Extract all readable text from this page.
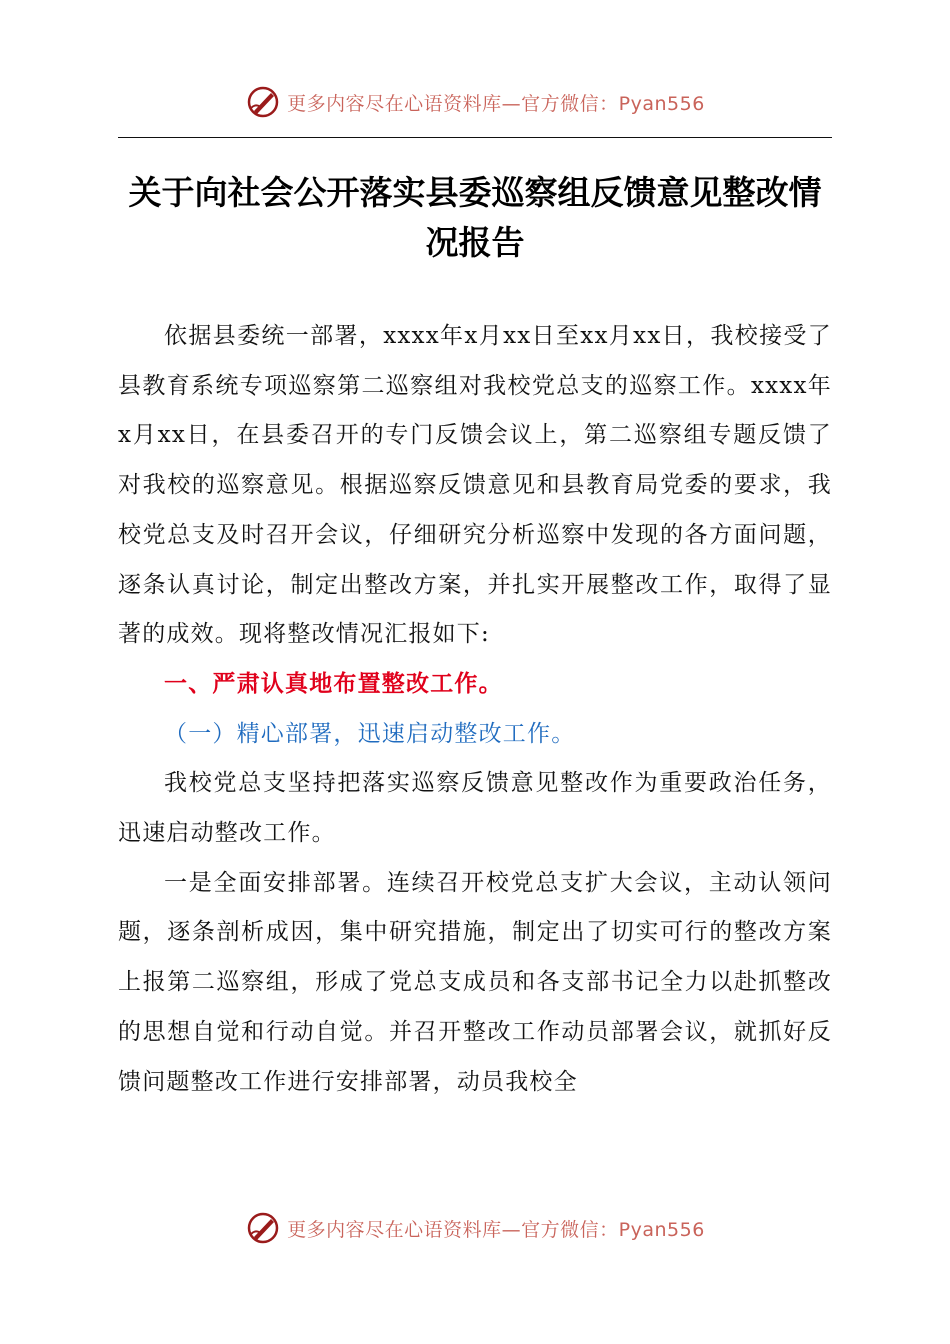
更多内容尽在心语资料库—官方微信：Pyan556
关于向社会公开落实县委巡察组反馈意见整改情况报告

依据县委统一部署，xxxx年x月xx日至xx月xx日，我校接受了县教育系统专项巡察第二巡察组对我校党总支的巡察工作。xxxx年x月xx日，在县委召开的专门反馈会议上，第二巡察组专题反馈了对我校的巡察意见。根据巡察反馈意见和县教育局党委的要求，我校党总支及时召开会议，仔细研究分析巡察中发现的各方面问题，逐条认真讨论，制定出整改方案，并扎实开展整改工作，取得了显著的成效。现将整改情况汇报如下:

一、严肃认真地布置整改工作。

（一）精心部署，迅速启动整改工作。

我校党总支坚持把落实巡察反馈意见整改作为重要政治任务，迅速启动整改工作。

一是全面安排部署。连续召开校党总支扩大会议，主动认领问题，逐条剖析成因，集中研究措施，制定出了切实可行的整改方案上报第二巡察组，形成了党总支成员和各支部书记全力以赴抓整改的思想自觉和行动自觉。并召开整改工作动员部署会议，就抓好反馈问题整改工作进行安排部署，动员我校全

更多内容尽在心语资料库—官方微信：Pyan556
